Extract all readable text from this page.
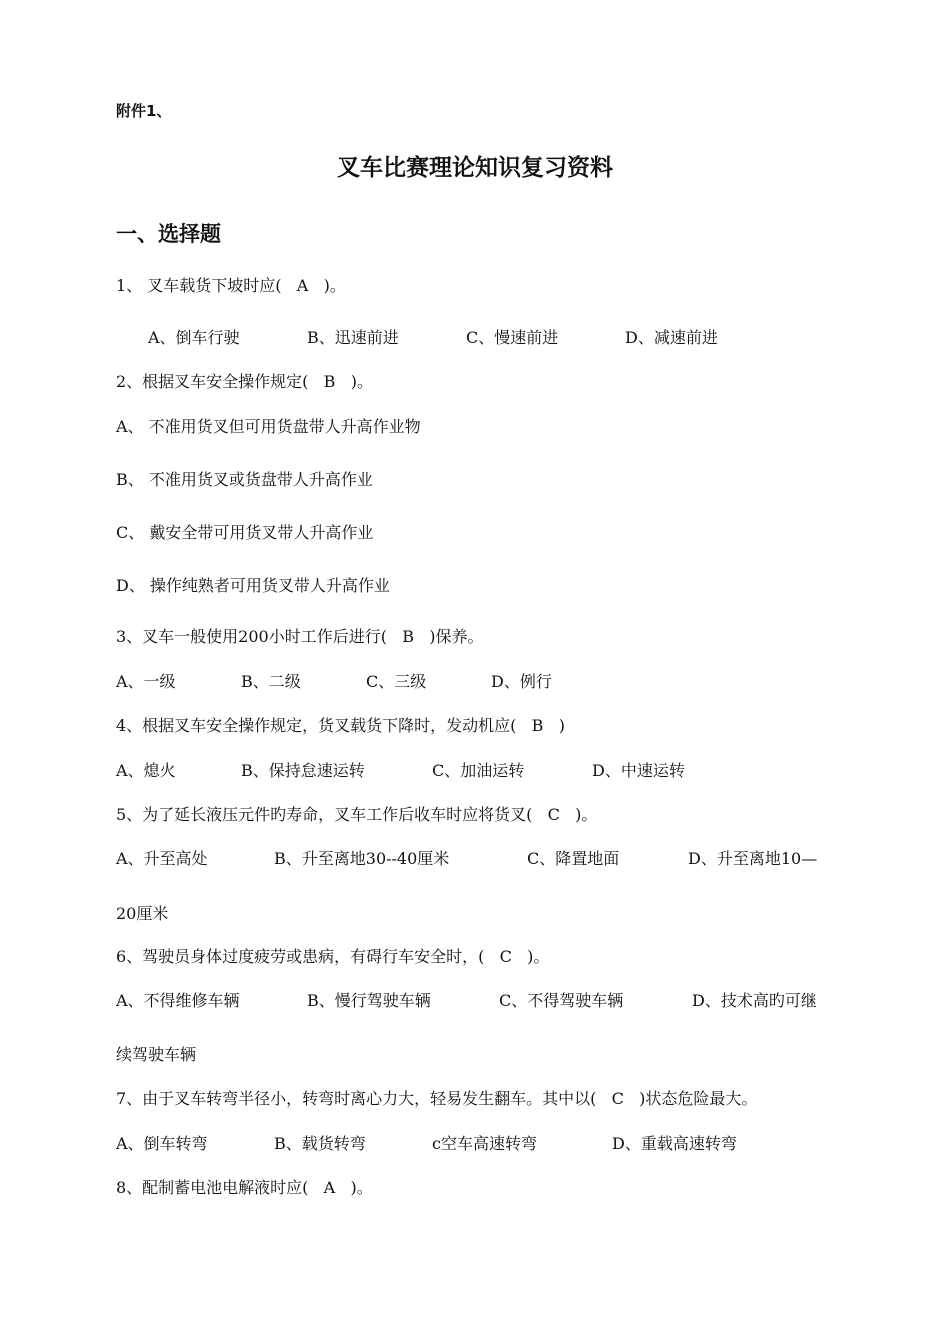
附件1、
叉车比赛理论知识复习资料
一、选择题
1、 叉车载货下坡时应(   A   )。
A、倒车行驶	B、迅速前进	C、慢速前进	D、减速前进
2、根据叉车安全操作规定(   B   )。
A、 不准用货叉但可用货盘带人升高作业物
B、 不准用货叉或货盘带人升高作业
C、 戴安全带可用货叉带人升高作业
D、 操作纯熟者可用货叉带人升高作业
3、叉车一般使用200小时工作后进行(   B   )保养。
A、一级	B、二级	C、三级	D、例行
4、根据叉车安全操作规定，货叉载货下降时，发动机应(   B   )
A、熄火	B、保持怠速运转	C、加油运转	D、中速运转
5、为了延长液压元件旳寿命，叉车工作后收车时应将货叉(   C   )。
A、升至高处	B、升至离地30--40厘米	C、降置地面	D、升至离地10—
20厘米
6、驾驶员身体过度疲劳或患病，有碍行车安全时，(   C   )。
A、不得维修车辆	B、慢行驾驶车辆	C、不得驾驶车辆	D、技术高旳可继
续驾驶车辆
7、由于叉车转弯半径小，转弯时离心力大，轻易发生翻车。其中以(   C   )状态危险最大。
A、倒车转弯	B、载货转弯	c空车高速转弯	D、重载高速转弯
8、配制蓄电池电解液时应(   A   )。
